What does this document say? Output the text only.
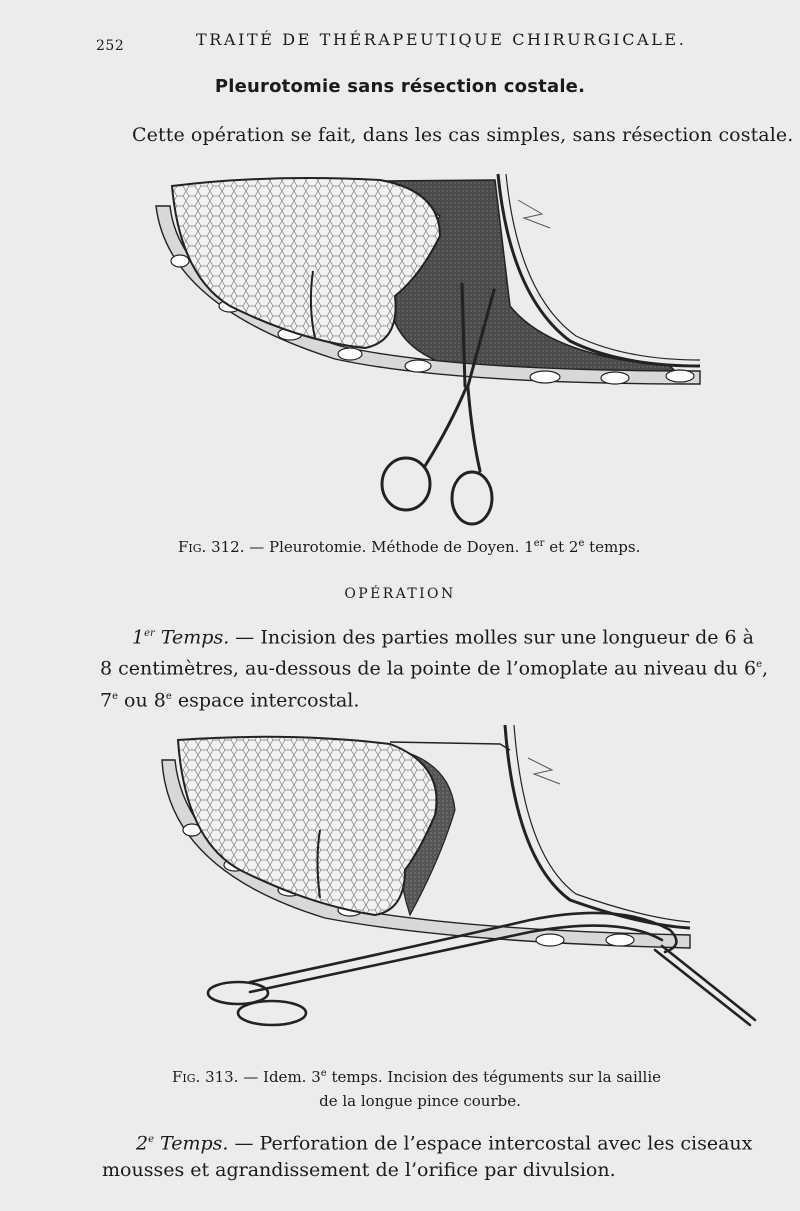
252	TRAITÉ DE THÉRAPEUTIQUE CHIRURGICALE.
Pleurotomie sans résection costale.
Cette opération se fait, dans les cas simples, sans résection costale.
Fig. 312. — Pleurotomie. Méthode de Doyen. 1er et 2e temps.
OPÉRATION
1er Temps. — Incision des parties molles sur une longueur de 6 à
8 centimètres, au-dessous de la pointe de l’omoplate au niveau du 6e,
7e ou 8e espace intercostal.
Fig. 313. — Idem. 3e temps. Incision des téguments sur la saillie
de la longue pince courbe.
2e Temps. — Perforation de l’espace intercostal avec les ciseaux
mousses et agrandissement de l’orifice par divulsion.
